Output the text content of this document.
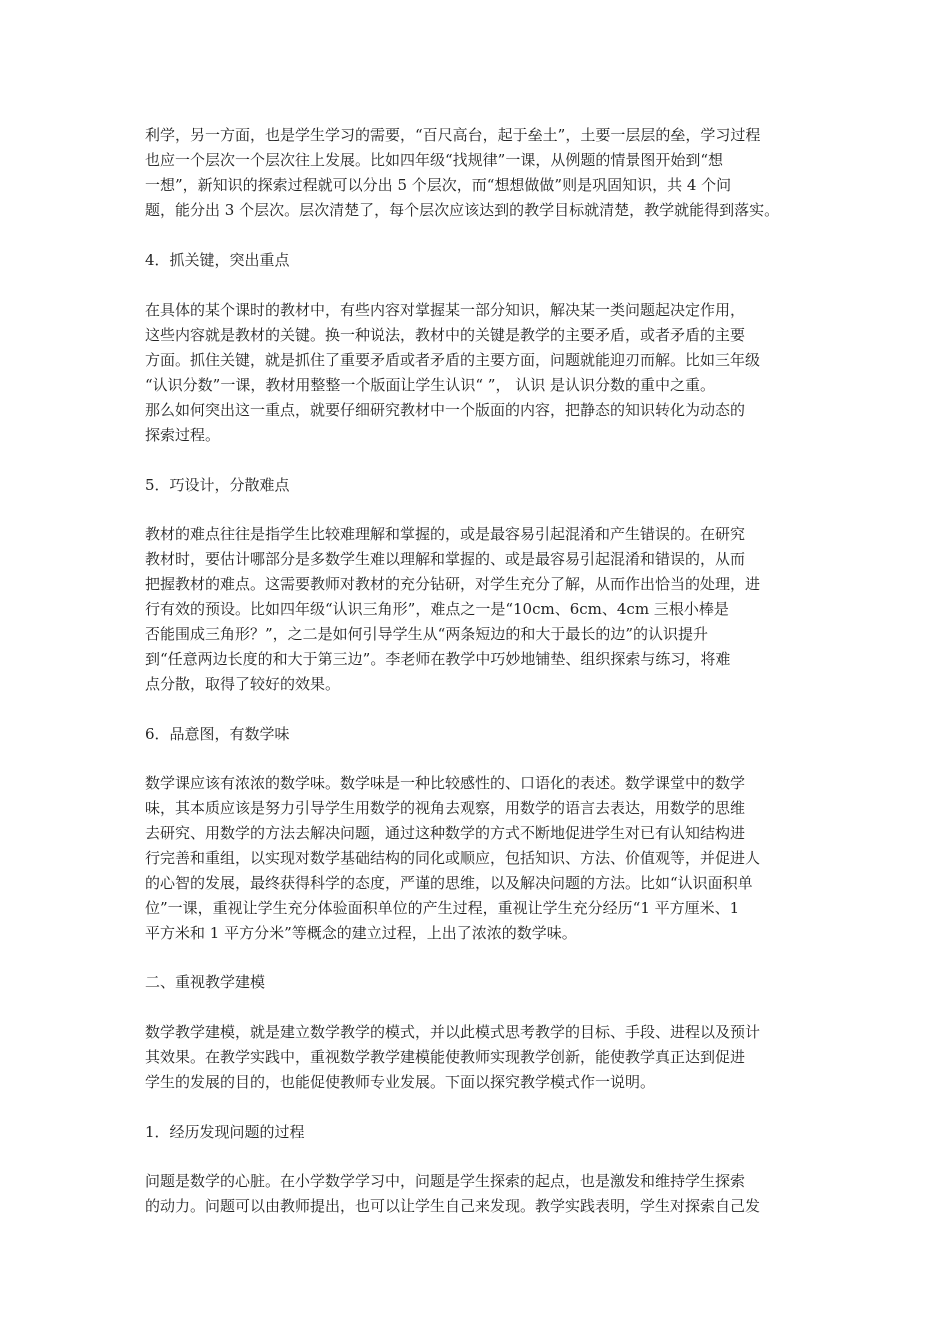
利学，另一方面，也是学生学习的需要，“百尺高台，起于垒土”，土要一层层的垒，学习过程
也应一个层次一个层次往上发展。比如四年级“找规律”一课，从例题的情景图开始到“想
一想”，新知识的探索过程就可以分出 5 个层次，而“想想做做”则是巩固知识，共 4 个问
题，能分出 3 个层次。层次清楚了，每个层次应该达到的教学目标就清楚，教学就能得到落实。
4．抓关键，突出重点
在具体的某个课时的教材中，有些内容对掌握某一部分知识，解决某一类问题起决定作用，
这些内容就是教材的关键。换一种说法，教材中的关键是教学的主要矛盾，或者矛盾的主要
方面。抓住关键，就是抓住了重要矛盾或者矛盾的主要方面，问题就能迎刃而解。比如三年级
“认识分数”一课，教材用整整一个版面让学生认识“ ”， 认识 是认识分数的重中之重。
那么如何突出这一重点，就要仔细研究教材中一个版面的内容，把静态的知识转化为动态的
探索过程。
5．巧设计，分散难点
教材的难点往往是指学生比较难理解和掌握的，或是最容易引起混淆和产生错误的。在研究
教材时，要估计哪部分是多数学生难以理解和掌握的、或是最容易引起混淆和错误的，从而
把握教材的难点。这需要教师对教材的充分钻研，对学生充分了解，从而作出恰当的处理，进
行有效的预设。比如四年级“认识三角形”，难点之一是“10cm、6cm、4cm 三根小棒是
否能围成三角形？”，之二是如何引导学生从“两条短边的和大于最长的边”的认识提升
到“任意两边长度的和大于第三边”。李老师在教学中巧妙地铺垫、组织探索与练习，将难
点分散，取得了较好的效果。
6．品意图，有数学味
数学课应该有浓浓的数学味。数学味是一种比较感性的、口语化的表述。数学课堂中的数学
味，其本质应该是努力引导学生用数学的视角去观察，用数学的语言去表达，用数学的思维
去研究、用数学的方法去解决问题，通过这种数学的方式不断地促进学生对已有认知结构进
行完善和重组，以实现对数学基础结构的同化或顺应，包括知识、方法、价值观等，并促进人
的心智的发展，最终获得科学的态度，严谨的思维，以及解决问题的方法。比如“认识面积单
位”一课，重视让学生充分体验面积单位的产生过程，重视让学生充分经历“1 平方厘米、1
平方米和 1 平方分米”等概念的建立过程，上出了浓浓的数学味。
二、重视教学建模
数学教学建模，就是建立数学教学的模式，并以此模式思考教学的目标、手段、进程以及预计
其效果。在教学实践中，重视数学教学建模能使教师实现教学创新，能使教学真正达到促进
学生的发展的目的，也能促使教师专业发展。下面以探究教学模式作一说明。
1．经历发现问题的过程
问题是数学的心脏。在小学数学学习中，问题是学生探索的起点，也是激发和维持学生探索
的动力。问题可以由教师提出，也可以让学生自己来发现。教学实践表明，学生对探索自己发
